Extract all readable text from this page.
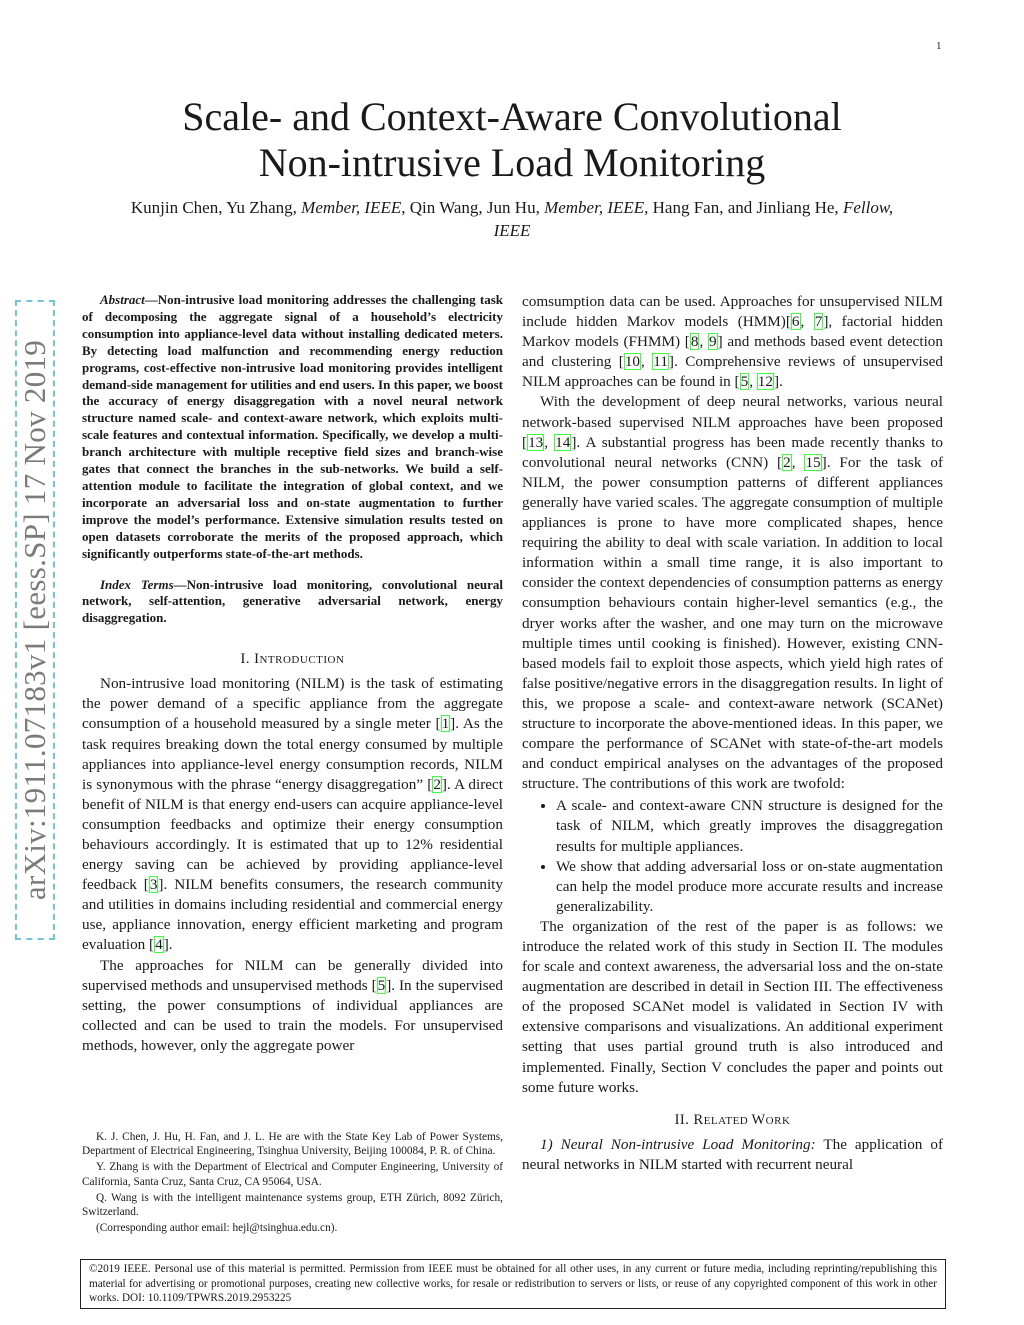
1
arXiv:1911.07183v1 [eess.SP] 17 Nov 2019
Scale- and Context-Aware Convolutional
Non-intrusive Load Monitoring
Kunjin Chen, Yu Zhang, Member, IEEE, Qin Wang, Jun Hu, Member, IEEE, Hang Fan, and Jinliang He, Fellow,
IEEE

Abstract—Non-intrusive load monitoring addresses the challenging task of decomposing the aggregate signal of a household’s electricity consumption into appliance-level data without installing dedicated meters. By detecting load malfunction and recommending energy reduction programs, cost-effective non-intrusive load monitoring provides intelligent demand-side management for utilities and end users. In this paper, we boost the accuracy of energy disaggregation with a novel neural network structure named scale- and context-aware network, which exploits multi-scale features and contextual information. Specifically, we develop a multi-branch architecture with multiple receptive field sizes and branch-wise gates that connect the branches in the sub-networks. We build a self-attention module to facilitate the integration of global context, and we incorporate an adversarial loss and on-state augmentation to further improve the model’s performance. Extensive simulation results tested on open datasets corroborate the merits of the proposed approach, which significantly outperforms state-of-the-art methods.

Index Terms—Non-intrusive load monitoring, convolutional neural network, self-attention, generative adversarial network, energy disaggregation.

I. INTRODUCTION

Non-intrusive load monitoring (NILM) is the task of estimating the power demand of a specific appliance from the aggregate consumption of a household measured by a single meter [1]. As the task requires breaking down the total energy consumed by multiple appliances into appliance-level energy consumption records, NILM is synonymous with the phrase “energy disaggregation” [2]. A direct benefit of NILM is that energy end-users can acquire appliance-level consumption feedbacks and optimize their energy consumption behaviours accordingly. It is estimated that up to 12% residential energy saving can be achieved by providing appliance-level feedback [3]. NILM benefits consumers, the research community and utilities in domains including residential and commercial energy use, appliance innovation, energy efficient marketing and program evaluation [4].

The approaches for NILM can be generally divided into supervised methods and unsupervised methods [5]. In the supervised setting, the power consumptions of individual appliances are collected and can be used to train the models. For unsupervised methods, however, only the aggregate power

K. J. Chen, J. Hu, H. Fan, and J. L. He are with the State Key Lab of Power Systems, Department of Electrical Engineering, Tsinghua University, Beijing 100084, P. R. of China.

Y. Zhang is with the Department of Electrical and Computer Engineering, University of California, Santa Cruz, Santa Cruz, CA 95064, USA.

Q. Wang is with the intelligent maintenance systems group, ETH Zürich, 8092 Zürich, Switzerland.

(Corresponding author email: hejl@tsinghua.edu.cn).

comsumption data can be used. Approaches for unsupervised NILM include hidden Markov models (HMM)[6, 7], factorial hidden Markov models (FHMM) [8, 9] and methods based event detection and clustering [10, 11]. Comprehensive reviews of unsupervised NILM approaches can be found in [5, 12].

With the development of deep neural networks, various neural network-based supervised NILM approaches have been proposed [13, 14]. A substantial progress has been made recently thanks to convolutional neural networks (CNN) [2, 15]. For the task of NILM, the power consumption patterns of different appliances generally have varied scales. The aggregate consumption of multiple appliances is prone to have more complicated shapes, hence requiring the ability to deal with scale variation. In addition to local information within a small time range, it is also important to consider the context dependencies of consumption patterns as energy consumption behaviours contain higher-level semantics (e.g., the dryer works after the washer, and one may turn on the microwave multiple times until cooking is finished). However, existing CNN-based models fail to exploit those aspects, which yield high rates of false positive/negative errors in the disaggregation results. In light of this, we propose a scale- and context-aware network (SCANet) structure to incorporate the above-mentioned ideas. In this paper, we compare the performance of SCANet with state-of-the-art models and conduct empirical analyses on the advantages of the proposed structure. The contributions of this work are twofold:

• A scale- and context-aware CNN structure is designed for the task of NILM, which greatly improves the disaggregation results for multiple appliances.
• We show that adding adversarial loss or on-state augmentation can help the model produce more accurate results and increase generalizability.

The organization of the rest of the paper is as follows: we introduce the related work of this study in Section II. The modules for scale and context awareness, the adversarial loss and the on-state augmentation are described in detail in Section III. The effectiveness of the proposed SCANet model is validated in Section IV with extensive comparisons and visualizations. An additional experiment setting that uses partial ground truth is also introduced and implemented. Finally, Section V concludes the paper and points out some future works.

II. RELATED WORK

1) Neural Non-intrusive Load Monitoring: The application of neural networks in NILM started with recurrent neural

©2019 IEEE. Personal use of this material is permitted. Permission from IEEE must be obtained for all other uses, in any current or future media, including reprinting/republishing this material for advertising or promotional purposes, creating new collective works, for resale or redistribution to servers or lists, or reuse of any copyrighted component of this work in other works. DOI: 10.1109/TPWRS.2019.2953225
